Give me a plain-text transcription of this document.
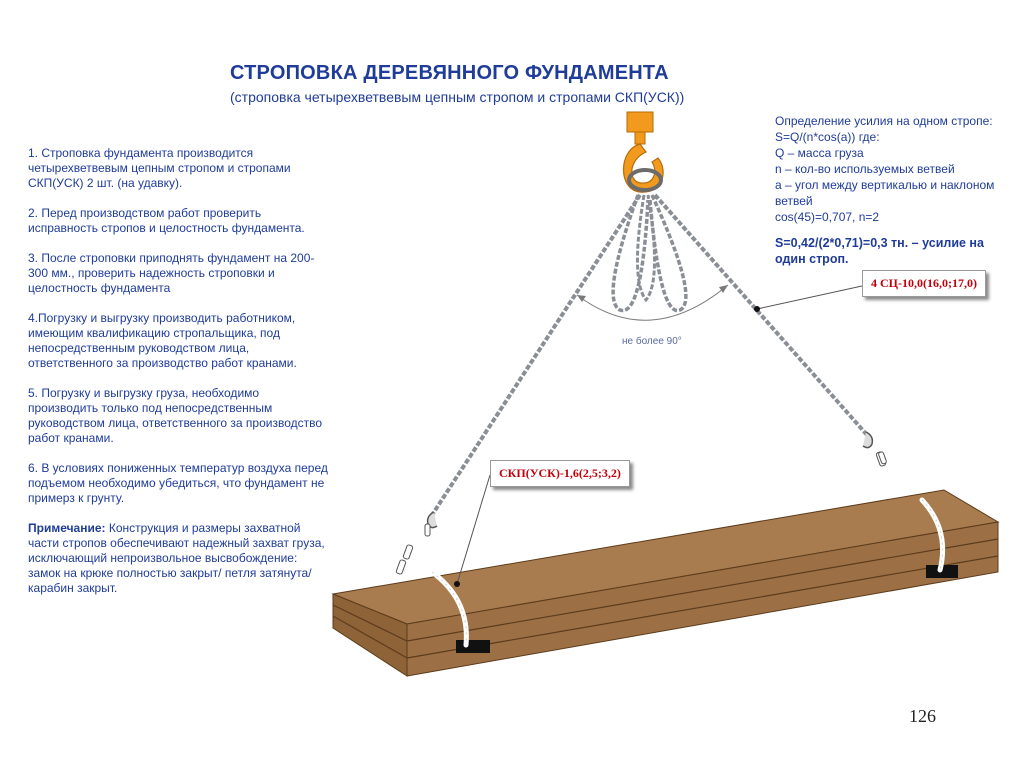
СТРОПОВКА ДЕРЕВЯННОГО ФУНДАМЕНТА
(строповка четырехветвевым цепным стропом и стропами СКП(УСК))

1. Строповка фундамента производится четырехветвевым цепным стропом и стропами СКП(УСК) 2 шт. (на удавку).

2. Перед производством работ проверить исправность стропов и целостность фундамента.

3. После строповки приподнять фундамент на 200-300 мм., проверить надежность строповки и целостность фундамента

4.Погрузку и выгрузку производить работником, имеющим квалификацию стропальщика, под непосредственным руководством лица, ответственного за производство работ кранами.

5. Погрузку и выгрузку груза, необходимо производить только под непосредственным руководством лица, ответственного за производство работ кранами.

6. В условиях пониженных температур воздуха перед подъемом необходимо убедиться, что фундамент не примерз к грунту.

Примечание: Конструкция и размеры захватной части стропов обеспечивают надежный захват груза, исключающий непроизвольное высвобождение: замок на крюке полностью закрыт/ петля затянута/ карабин закрыт.

Определение усилия на одном стропе:
S=Q/(n*cos(a)) где:
Q – масса груза
n – кол-во используемых ветвей
a – угол между вертикалью и наклоном ветвей
cos(45)=0,707, n=2
S=0,42/(2*0,71)=0,3 тн. – усилие на один строп.
4 СЦ-10,0(16,0;17,0)
СКП(УСК)-1,6(2,5;3,2)
не более 90°
126
